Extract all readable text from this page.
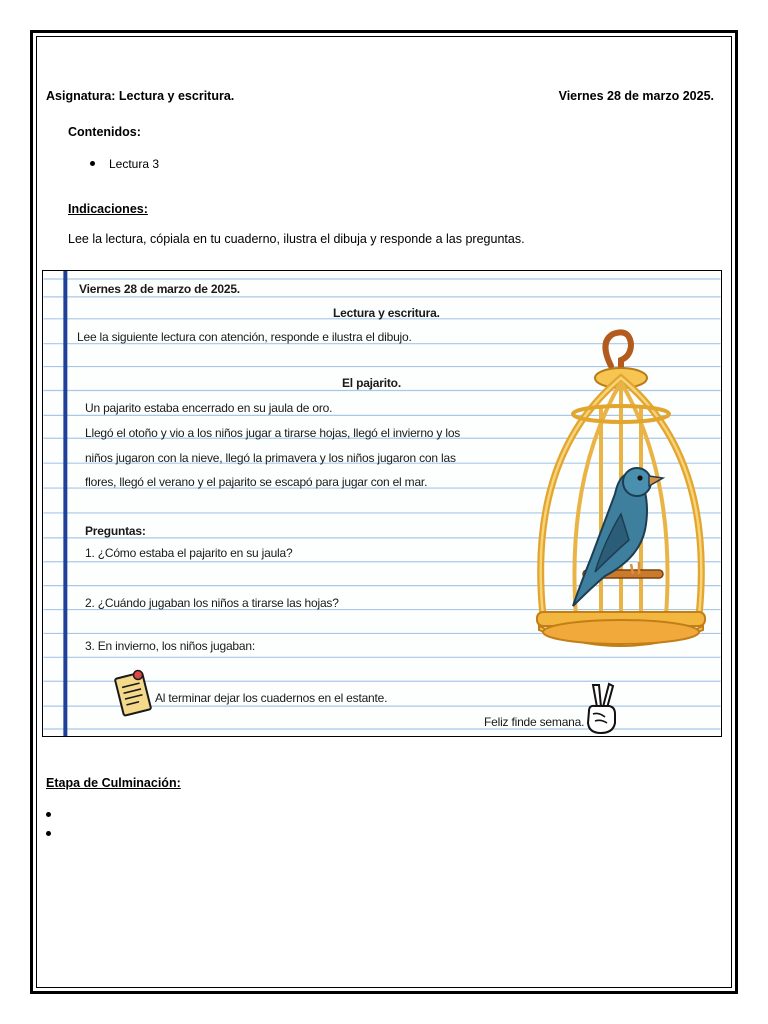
Asignatura: Lectura y escritura.	Viernes 28 de marzo 2025.
Contenidos:
Lectura 3
Indicaciones:
Lee la lectura, cópiala en tu cuaderno, ilustra el dibuja y responde a las preguntas.
Viernes 28 de marzo de 2025.
Lectura y escritura.
Lee la siguiente lectura con atención, responde e ilustra el dibujo.
El pajarito.
Un pajarito estaba encerrado en su jaula de oro.
Llegó el otoño y vio a los niños jugar a tirarse hojas, llegó el invierno y los
niños jugaron con la nieve, llegó la primavera y los niños jugaron con las
flores, llegó el verano y el pajarito se escapó para jugar con el mar.
Preguntas:
1. ¿Cómo estaba el pajarito en su jaula?
2. ¿Cuándo jugaban los niños a tirarse las hojas?
3. En invierno, los niños jugaban:
Al terminar dejar los cuadernos en el estante.
Feliz finde semana.
Etapa de Culminación:
